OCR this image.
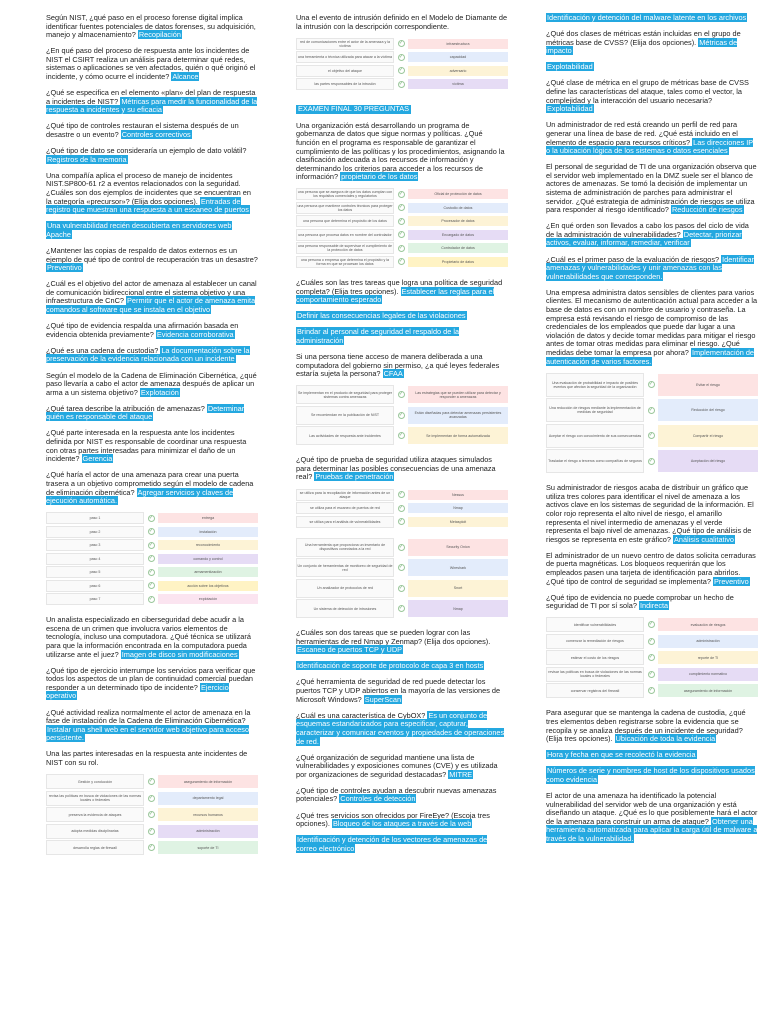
Según NIST, ¿qué paso en el proceso forense digital implica identificar fuentes potenciales de datos forenses, su adquisición, manejo y almacenamiento? Recopilación
¿En qué paso del proceso de respuesta ante los incidentes de NIST el CSIRT realiza un análisis para determinar qué redes, sistemas o aplicaciones se ven afectados, quién o qué originó el incidente, y cómo ocurre el incidente? Alcance
¿Qué se especifica en el elemento «plan» del plan de respuesta a incidentes de NIST? Métricas para medir la funcionalidad de la respuesta a incidentes y su eficacia
¿Qué tipo de controles restauran el sistema después de un desastre o un evento? Controles correctivos
¿Qué tipo de dato se consideraría un ejemplo de dato volátil? Registros de la memoria
Una compañía aplica el proceso de manejo de incidentes NIST.SP800-61 r2 a eventos relacionados con la seguridad. ¿Cuáles son dos ejemplos de incidentes que se encuentran en la categoría «precursor»? (Elija dos opciones). Entradas de registro que muestran una respuesta a un escaneo de puertos
Una vulnerabilidad recién descubierta en servidores web Apache
¿Mantener las copias de respaldo de datos externos es un ejemplo de qué tipo de control de recuperación tras un desastre? Preventivo
¿Cuál es el objetivo del actor de amenaza al establecer un canal de comunicación bidireccional entre el sistema objetivo y una infraestructura de CnC? Permitir que el actor de amenaza emita comandos al software que se instala en el objetivo
¿Qué tipo de evidencia respalda una afirmación basada en evidencia obtenida previamente? Evidencia corroborativa
¿Qué es una cadena de custodia? La documentación sobre la preservación de la evidencia relacionada con un incidente
Según el modelo de la Cadena de Eliminación Cibernética, ¿qué paso llevaría a cabo el actor de amenaza después de aplicar un arma a un sistema objetivo? Explotación
¿Qué tarea describe la atribución de amenazas? Determinar quién es responsable del ataque
¿Qué parte interesada en la respuesta ante los incidentes definida por NIST es responsable de coordinar una respuesta con otras partes interesadas para minimizar el daño de un incidente? Gerencia
¿Qué haría el actor de una amenaza para crear una puerta trasera a un objetivo comprometido según el modelo de cadena de eliminación cibernética? Agregar servicios y claves de ejecución automática.
paso 1	✓	entrega
paso 2	✓	instalación
paso 3	✓	reconocimiento
paso 4	✓	comando y control
paso 5	✓	armamentización
paso 6	✓	acción sobre los objetivos
paso 7	✓	explotación
Un analista especializado en ciberseguridad debe acudir a la escena de un crimen que involucra varios elementos de tecnología, incluso una computadora. ¿Qué técnica se utilizará para que la información encontrada en la computadora pueda utilizarse ante el juez? Imagen de disco sin modificaciones
¿Qué tipo de ejercicio interrumpe los servicios para verificar que todos los aspectos de un plan de continuidad comercial puedan responder a un determinado tipo de incidente? Ejercicio operativo
¿Qué actividad realiza normalmente el actor de amenaza en la fase de instalación de la Cadena de Eliminación Cibernética? Instalar una shell web en el servidor web objetivo para acceso persistente.
Una las partes interesadas en la respuesta ante incidentes de NIST con su rol.
Gestión y conducción	✓	aseguramiento de información
revisa las políticas en busca de violaciones de las normas locales o federales	✓	departamento legal
preserva la evidencia de ataques	✓	recursos humanos
adopta medidas disciplinarias	✓	administración
desarrolla reglas de firewall	✓	soporte de TI
Una el evento de intrusión definido en el Modelo de Diamante de la intrusión con la descripción correspondiente.
red de comunicaciones entre el actor de la amenaza y la víctima	✓	infraestructura
una herramienta o técnica utilizada para atacar a la víctima	✓	capacidad
el objetivo del ataque	✓	adversario
las partes responsables de la intrusión	✓	víctima
EXAMEN FINAL 30 PREGUNTAS
Una organización está desarrollando un programa de gobernanza de datos que sigue normas y políticas. ¿Qué función en el programa es responsable de garantizar el cumplimiento de las políticas y los procedimientos, asignando la clasificación adecuada a los recursos de información y determinando los criterios para acceder a los recursos de información? propietario de los datos
una persona que se asegura de que los datos cumplan con los requisitos comerciales y regulatorios	✓	Oficial de protección de datos
una persona que mantiene controles técnicos para proteger los datos	✓	Custodio de datos
una persona que determina el propósito de los datos	✓	Procesador de datos
una persona que procesa datos en nombre del controlador	✓	Encargado de datos
una persona responsable de supervisar el cumplimiento de la protección de datos	✓	Controlador de datos
una persona o empresa que determina el propósito y la forma en que se procesan los datos	✓	Propietario de datos
¿Cuáles son las tres tareas que logra una política de seguridad completa? (Elija tres opciones). Establecer las reglas para el comportamiento esperado
Definir las consecuencias legales de las violaciones
Brindar al personal de seguridad el respaldo de la administración
Si una persona tiene acceso de manera deliberada a una computadora del gobierno sin permiso, ¿a qué leyes federales estaría sujeta la persona? CFAA
Se implementan en el producto de seguridad para proteger sistemas contra amenazas	✓	Las estrategias que se pueden utilizar para detectar y responder a amenazas
Se recomiendan en la publicación de NIST	✓	Están diseñadas para detectar amenazas persistentes avanzadas
Las actividades de respuesta ante incidentes	✓	Se implementan de forma automatizada
¿Qué tipo de prueba de seguridad utiliza ataques simulados para determinar las posibles consecuencias de una amenaza real? Pruebas de penetración
se utiliza para la recopilación de información antes de un ataque	✓	Nessus
se utiliza para el escaneo de puertos de red	✓	Nmap
se utiliza para el análisis de vulnerabilidades	✓	Metasploit
Una herramienta que proporciona un inventario de dispositivos conectados a la red	✓	Security Onion
Un conjunto de herramientas de monitoreo de seguridad de red	✓	Wireshark
Un analizador de protocolos de red	✓	Snort
Un sistema de detección de intrusiones	✓	Nmap
¿Cuáles son dos tareas que se pueden lograr con las herramientas de red Nmap y Zenmap? (Elija dos opciones). Escaneo de puertos TCP y UDP
Identificación de soporte de protocolo de capa 3 en hosts
¿Qué herramienta de seguridad de red puede detectar los puertos TCP y UDP abiertos en la mayoría de las versiones de Microsoft Windows? SuperScan
¿Cuál es una característica de CybOX? Es un conjunto de esquemas estandarizados para especificar, capturar, caracterizar y comunicar eventos y propiedades de operaciones de red.
¿Qué organización de seguridad mantiene una lista de vulnerabilidades y exposiciones comunes (CVE) y es utilizada por organizaciones de seguridad destacadas? MITRE
¿Qué tipo de controles ayudan a descubrir nuevas amenazas potenciales? Controles de detección
¿Qué tres servicios son ofrecidos por FireEye? (Escoja tres opciones). Bloqueo de los ataques a través de la web
Identificación y detención de los vectores de amenazas de correo electrónico
Identificación y detención del malware latente en los archivos
¿Qué dos clases de métricas están incluidas en el grupo de métricas base de CVSS? (Elija dos opciones). Métricas de impacto
Explotabilidad
¿Qué clase de métrica en el grupo de métricas base de CVSS define las características del ataque, tales como el vector, la complejidad y la interacción del usuario necesaria? Explotabilidad
Un administrador de red está creando un perfil de red para generar una línea de base de red. ¿Qué está incluido en el elemento de espacio para recursos críticos? Las direcciones IP o la ubicación lógica de los sistemas o datos esenciales
El personal de seguridad de TI de una organización observa que el servidor web implementado en la DMZ suele ser el blanco de actores de amenazas. Se tomó la decisión de implementar un sistema de administración de parches para administrar el servidor. ¿Qué estrategia de administración de riesgos se utiliza para responder al riesgo identificado? Reducción de riesgos
¿En qué orden son llevados a cabo los pasos del ciclo de vida de la administración de vulnerabilidades? Detectar, priorizar activos, evaluar, informar, remediar, verificar
¿Cuál es el primer paso de la evaluación de riesgos? Identificar amenazas y vulnerabilidades y unir amenazas con las vulnerabilidades que corresponden.
Una empresa administra datos sensibles de clientes para varios clientes. El mecanismo de autenticación actual para acceder a la base de datos es con un nombre de usuario y contraseña. La empresa está revisando el riesgo de compromiso de las credenciales de los empleados que puede dar lugar a una violación de datos y decide tomar medidas para mitigar el riesgo antes de tomar otras medidas para eliminar el riesgo. ¿Qué medidas debe tomar la empresa por ahora? Implementación de autenticación de varios factores.
Una evaluación de probabilidad e impacto de posibles eventos que afectan la seguridad de la organización	✓	Evitar el riesgo
Una reducción de riesgos mediante la implementación de medidas de seguridad	✓	Reducción del riesgo
Aceptar el riesgo con conocimiento de sus consecuencias	✓	Compartir el riesgo
Trasladar el riesgo a terceros como compañías de seguros	✓	Aceptación del riesgo
Su administrador de riesgos acaba de distribuir un gráfico que utiliza tres colores para identificar el nivel de amenaza a los activos clave en los sistemas de seguridad de la información. El color rojo representa el alto nivel de riesgo, el amarillo representa el nivel intermedio de amenazas y el verde representa el bajo nivel de amenazas. ¿Qué tipo de análisis de riesgos se representa en este gráfico? Análisis cualitativo
El administrador de un nuevo centro de datos solicita cerraduras de puerta magnéticas. Los bloqueos requerirán que los empleados pasen una tarjeta de identificación para abrirlos. ¿Qué tipo de control de seguridad se implementa? Preventivo
¿Qué tipo de evidencia no puede comprobar un hecho de seguridad de TI por sí sola? Indirecta
identificar vulnerabilidades	✓	evaluación de riesgos
comenzar la remediación de riesgos	✓	administración
estimar el costo de los riesgos	✓	reporte de TI
revisar las políticas en busca de violaciones de las normas locales o federales	✓	cumplimiento normativo
conservar registros del firewall	✓	aseguramiento de información
Para asegurar que se mantenga la cadena de custodia, ¿qué tres elementos deben registrarse sobre la evidencia que se recopila y se analiza después de un incidente de seguridad? (Elija tres opciones). Ubicación de toda la evidencia
Hora y fecha en que se recolectó la evidencia
Números de serie y nombres de host de los dispositivos usados como evidencia
El actor de una amenaza ha identificado la potencial vulnerabilidad del servidor web de una organización y está diseñando un ataque. ¿Qué es lo que posiblemente hará el actor de la amenaza para construir un arma de ataque? Obtener una herramienta automatizada para aplicar la carga útil de malware a través de la vulnerabilidad.
